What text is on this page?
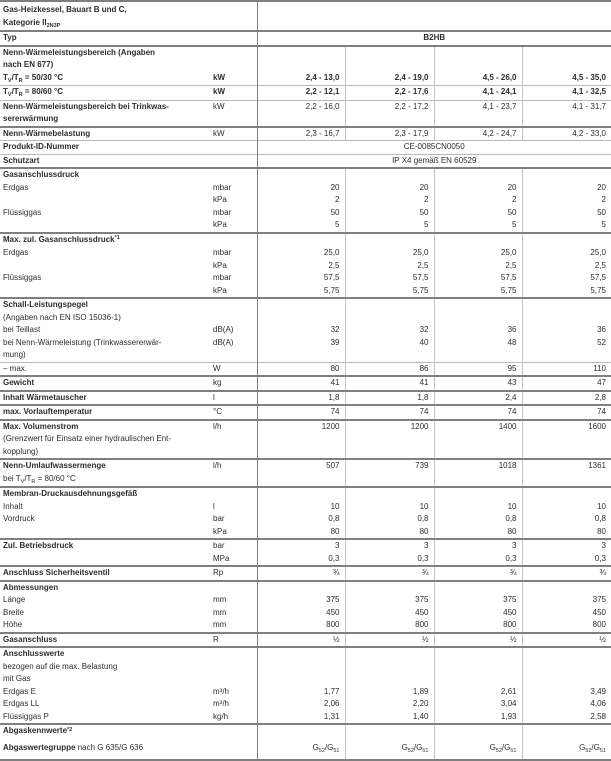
Gas-Heizkessel, Bauart B und C,
Kategorie $II_{2N3P}$		
Typ		B2HB			
Nenn-Wärmeleistungsbereich (Angaben
nach EN 677)					
$T_V/T_R = 50/30$ °C	kW	2,4 - 13,0	2,4 - 19,0	4,5 - 26,0	4,5 - 35,0
$T_V/T_R = 80/60$ °C	kW	2,2 - 12,1	2,2 - 17,6	4,1 - 24,1	4,1 - 32,5
Nenn-Wärmeleistungsbereich bei Trinkwas-
sererwärmung	kW	2,2 - 16,0	2,2 - 17,2	4,1 - 23,7	4,1 - 31,7
Nenn-Wärmebelastung	kW	2,3 - 16,7	2,3 - 17,9	4,2 - 24,7	4,2 - 33,0
Produkt-ID-Nummer		CE-0085CN0050			
Schutzart		IP X4 gemäß EN 60529			
Gasanschlussdruck					
Erdgas	mbar	20	20	20	20
	kPa	2	2	2	2
Flüssiggas	mbar	50	50	50	50
	kPa	5	5	5	5
Max. zul. Gasanschlussdruck$^{*1}$					
Erdgas	mbar	25,0	25,0	25,0	25,0
	kPa	2,5	2,5	2,5	2,5
Flüssiggas	mbar	57,5	57,5	57,5	57,5
	kPa	5,75	5,75	5,75	5,75
Schall-Leistungspegel
(Angaben nach EN ISO 15036-1)					
bei Teillast	dB(A)	32	32	36	36
bei Nenn-Wärmeleistung (Trinkwassererwär-
mung)	dB(A)	39	40	48	52
– max.	W	80	86	95	110
Gewicht	kg	41	41	43	47
Inhalt Wärmetauscher	l	1,8	1,8	2,4	2,8
max. Vorlauftemperatur	°C	74	74	74	74
Max. Volumenstrom
(Grenzwert für Einsatz einer hydraulischen Ent-
kopplung)	l/h	1200	1200	1400	1600
Nenn-Umlaufwassermenge
bei $T_V/T_R = 80/60$ °C	l/h	507	739	1018	1361
Membran-Druckausdehnungsgefäß					
Inhalt	l	10	10	10	10
Vordruck	bar	0,8	0,8	0,8	0,8
	kPa	80	80	80	80
Zul. Betriebsdruck	bar	3	3	3	3
	MPa	0,3	0,3	0,3	0,3
Anschluss Sicherheitsventil	Rp	¾	¾	¾	¾
Abmessungen					
Länge	mm	375	375	375	375
Breite	mm	450	450	450	450
Höhe	mm	800	800	800	800
Gasanschluss	R	½	½	½	½
Anschlusswerte
bezogen auf die max. Belastung
mit Gas					
Erdgas E	m³/h	1,77	1,89	2,61	3,49
Erdgas LL	m³/h	2,06	2,20	3,04	4,06
Flüssiggas P	kg/h	1,31	1,40	1,93	2,58
Abgaskennwerte$^{*2}$					
Abgaswertegruppe nach G 635/G 636		$G_{52}/G_{51}$	$G_{52}/G_{51}$	$G_{52}/G_{51}$	$G_{52}/G_{51}$
